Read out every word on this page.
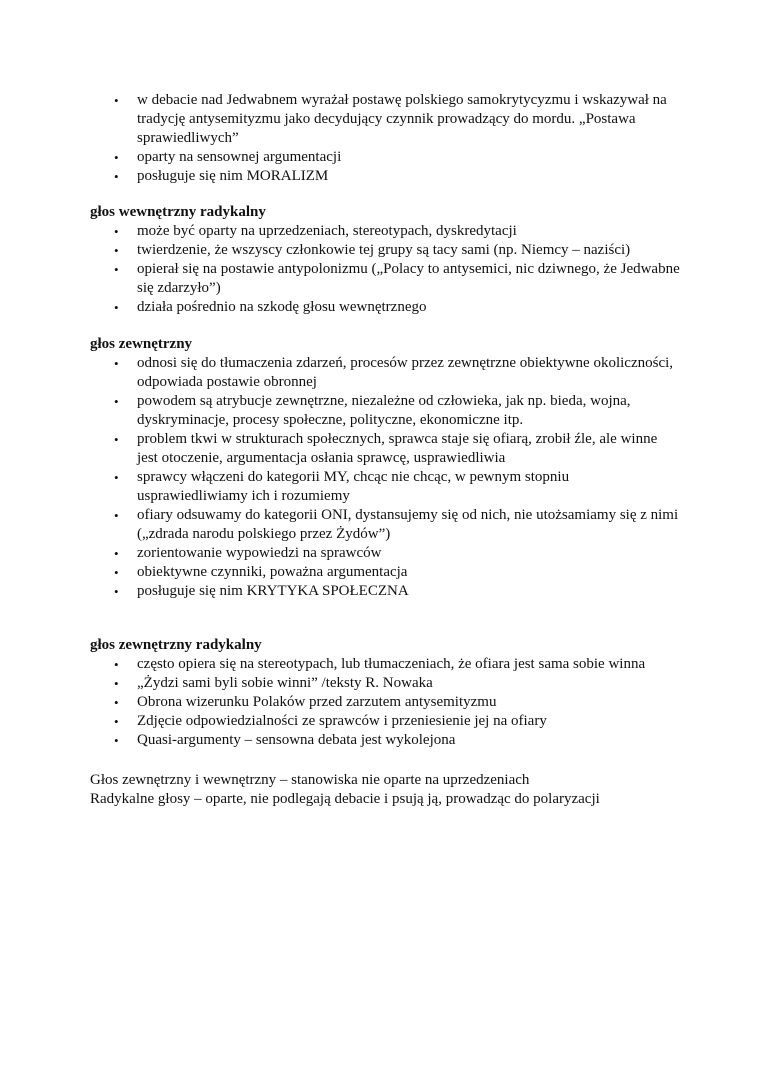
• w debacie nad Jedwabnem wyrażał postawę polskiego samokrytycyzmu i wskazywał na tradycję antysemityzmu jako decydujący czynnik prowadzący do mordu. „Postawa sprawiedliwych”
• oparty na sensownej argumentacji
• posługuje się nim MORALIZM

głos wewnętrzny radykalny

• może być oparty na uprzedzeniach, stereotypach, dyskredytacji
• twierdzenie, że wszyscy członkowie tej grupy są tacy sami (np. Niemcy – naziści)
• opierał się na postawie antypolonizmu („Polacy to antysemici, nic dziwnego, że Jedwabne się zdarzyło”)
• działa pośrednio na szkodę głosu wewnętrznego

głos zewnętrzny

• odnosi się do tłumaczenia zdarzeń, procesów przez zewnętrzne obiektywne okoliczności, odpowiada postawie obronnej
• powodem są atrybucje zewnętrzne, niezależne od człowieka, jak np. bieda, wojna, dyskryminacje, procesy społeczne, polityczne, ekonomiczne itp.
• problem tkwi w strukturach społecznych, sprawca staje się ofiarą, zrobił źle, ale winne jest otoczenie, argumentacja osłania sprawcę, usprawiedliwia
• sprawcy włączeni do kategorii MY, chcąc nie chcąc, w pewnym stopniu usprawiedliwiamy ich i rozumiemy
• ofiary odsuwamy do kategorii ONI, dystansujemy się od nich, nie utożsamiamy się z nimi („zdrada narodu polskiego przez Żydów”)
• zorientowanie wypowiedzi na sprawców
• obiektywne czynniki, poważna argumentacja
• posługuje się nim KRYTYKA SPOŁECZNA

głos zewnętrzny radykalny

• często opiera się na stereotypach, lub tłumaczeniach, że ofiara jest sama sobie winna
• „Żydzi sami byli sobie winni” /teksty R. Nowaka
• Obrona wizerunku Polaków przed zarzutem antysemityzmu
• Zdjęcie odpowiedzialności ze sprawców i przeniesienie jej na ofiary
• Quasi-argumenty – sensowna debata jest wykolejona

Głos zewnętrzny i wewnętrzny – stanowiska nie oparte na uprzedzeniach

Radykalne głosy – oparte, nie podlegają debacie i psują ją, prowadząc do polaryzacji
